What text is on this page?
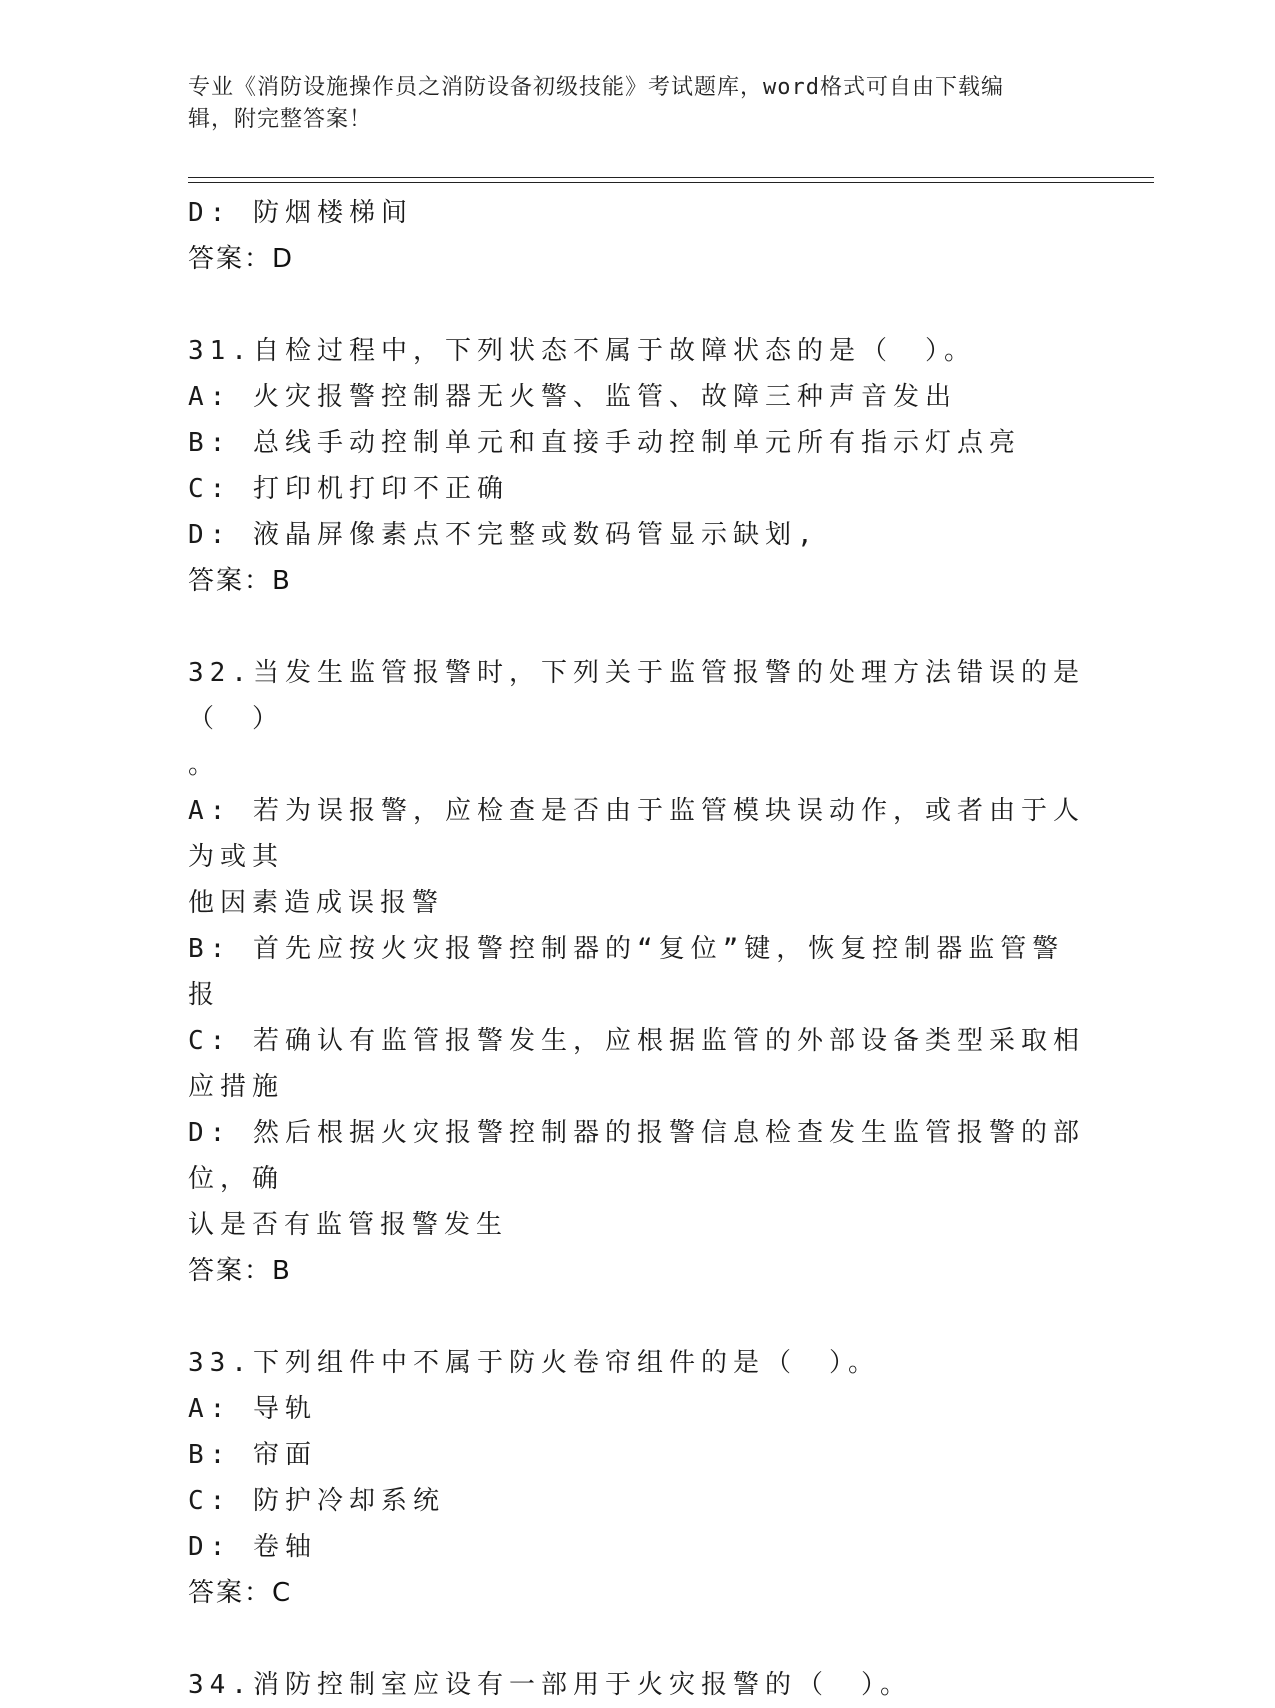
专业《消防设施操作员之消防设备初级技能》考试题库，word格式可自由下载编
辑，附完整答案！
D: 防烟楼梯间
答案：D
31.自检过程中，下列状态不属于故障状态的是（　）。
A: 火灾报警控制器无火警、监管、故障三种声音发出
B: 总线手动控制单元和直接手动控制单元所有指示灯点亮
C: 打印机打印不正确
D: 液晶屏像素点不完整或数码管显示缺划,
答案：B
32.当发生监管报警时，下列关于监管报警的处理方法错误的是（　）
。
A: 若为误报警，应检查是否由于监管模块误动作，或者由于人为或其
他因素造成误报警
B: 首先应按火灾报警控制器的“复位”键，恢复控制器监管警报
C: 若确认有监管报警发生，应根据监管的外部设备类型采取相应措施
D: 然后根据火灾报警控制器的报警信息检查发生监管报警的部位，确
认是否有监管报警发生
答案：B
33.下列组件中不属于防火卷帘组件的是（　）。
A: 导轨
B: 帘面
C: 防护冷却系统
D: 卷轴
答案：C
34.消防控制室应设有一部用于火灾报警的（　）。
